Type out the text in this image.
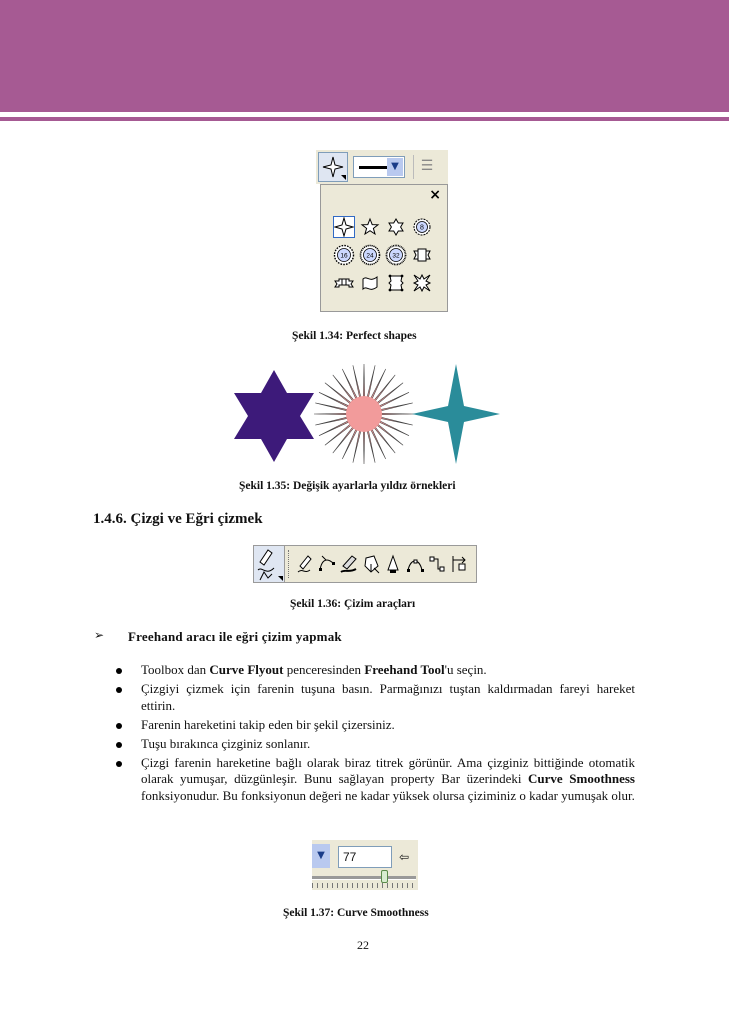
▼	☰
×
8
16	24	32
Şekil 1.34: Perfect shapes
Şekil 1.35: Değişik ayarlarla yıldız örnekleri
1.4.6. Çizgi ve Eğri çizmek
Şekil 1.36: Çizim araçları
➢ Freehand aracı ile eğri çizim yapmak
Toolbox dan Curve Flyout penceresinden Freehand Tool'u seçin.
Çizgiyi çizmek için farenin tuşuna basın. Parmağınızı tuştan kaldırmadan fareyi hareket ettirin.
Farenin hareketini takip eden bir şekil çizersiniz.
Tuşu bırakınca çizginiz sonlanır.
Çizgi farenin hareketine bağlı olarak biraz titrek görünür. Ama çizginiz bittiğinde otomatik olarak yumuşar, düzgünleşir. Bunu sağlayan property Bar üzerindeki Curve Smoothness fonksiyonudur. Bu fonksiyonun değeri ne kadar yüksek olursa çiziminiz o kadar yumuşak olur.
▼	77	⇦
Şekil 1.37: Curve Smoothness
22
